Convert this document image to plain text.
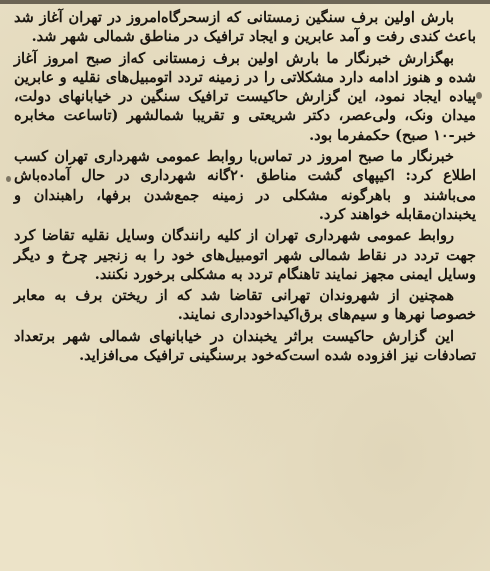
بارش اولین برف سنگین زمستانی که ازسحرگاه‌امروز در تهران آغاز شد باعث کندی رفت و آمد عابرین و ایجاد ترافیک در مناطق شمالی شهر شد.

بهگزارش خبرنگار ما بارش اولین برف زمستانی که‌از صبح امروز آغاز شده و هنوز ادامه دارد مشکلاتی را در زمینه تردد اتومبیل‌های نقلیه و عابرین پیاده ایجاد نمود، این گزارش حاکیست ترافیک سنگین در خیابانهای دولت، میدان ونک، ولی‌عصر، دکتر شریعتی و تقریبا شمالشهر (تاساعت مخابره خبر-۱۰ صبح) حکمفرما بود.

خبرنگار ما صبح امروز در تماس‌با روابط عمومی شهرداری تهران کسب اطلاع کرد: اکیپهای گشت مناطق ۲۰گانه شهرداری در حال آماده‌باش می‌باشند و باهرگونه مشکلی در زمینه جمع‌شدن برفها، راهبندان و یخبندان‌مقابله خواهند کرد.

روابط عمومی شهرداری تهران از کلیه رانندگان وسایل نقلیه تقاضا کرد جهت تردد در نقاط شمالی شهر اتومبیل‌های خود را به زنجیر چرخ و دیگر وسایل ایمنی مجهز نمایند تاهنگام تردد به مشکلی برخورد نکنند.

همچنین از شهروندان تهرانی تقاضا شد که از ریختن برف به معابر خصوصا نهرها و سیم‌های برق‌اکیداخودداری نمایند.

این گزارش حاکیست براثر یخبندان در خیابانهای شمالی شهر برتعداد تصادفات نیز افزوده شده است‌که‌خود برسنگینی ترافیک می‌افزاید.
